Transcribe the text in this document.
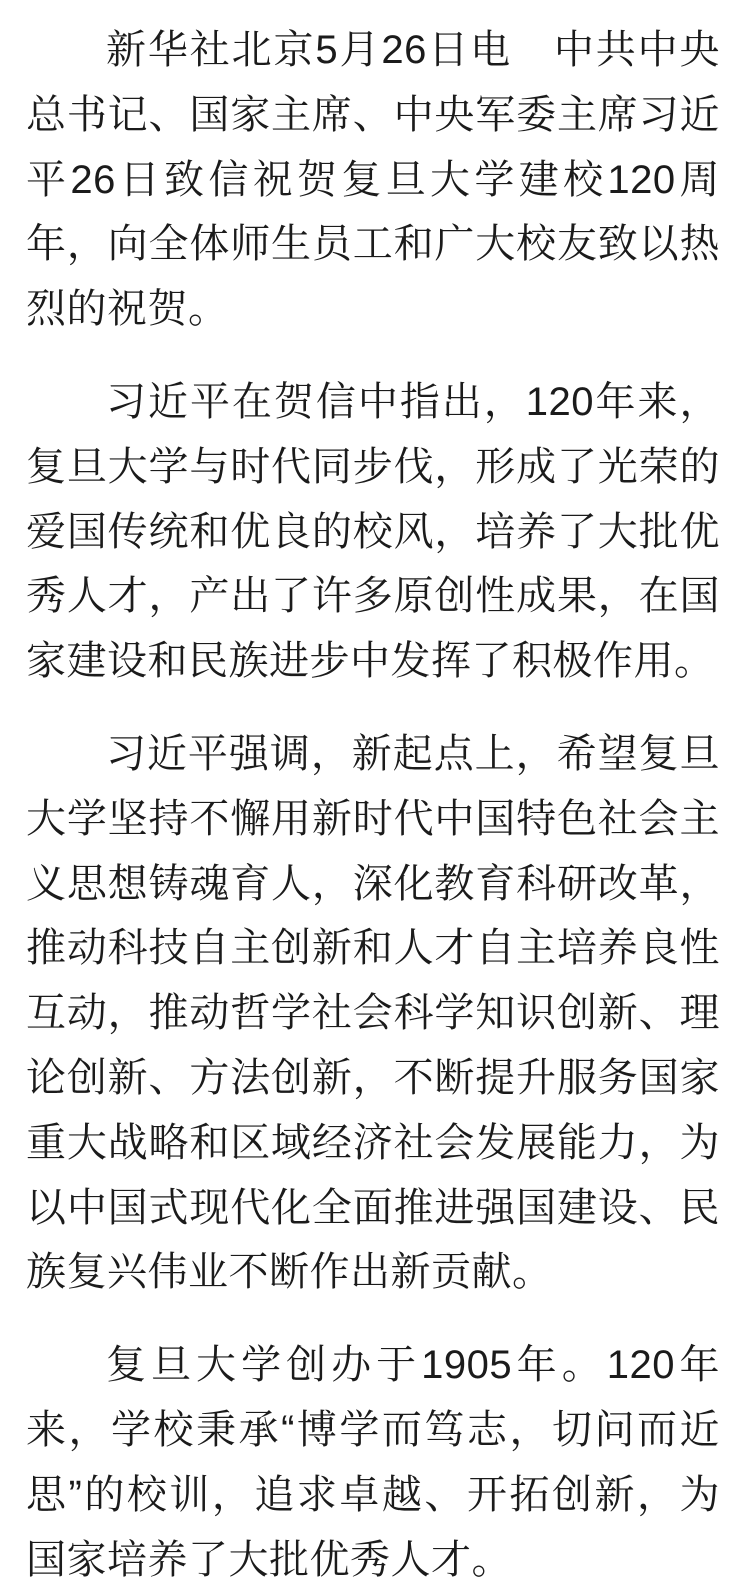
新华社北京5月26日电　中共中央总书记、国家主席、中央军委主席习近平26日致信祝贺复旦大学建校120周年，向全体师生员工和广大校友致以热烈的祝贺。

习近平在贺信中指出，120年来，复旦大学与时代同步伐，形成了光荣的爱国传统和优良的校风，培养了大批优秀人才，产出了许多原创性成果，在国家建设和民族进步中发挥了积极作用。

习近平强调，新起点上，希望复旦大学坚持不懈用新时代中国特色社会主义思想铸魂育人，深化教育科研改革，推动科技自主创新和人才自主培养良性互动，推动哲学社会科学知识创新、理论创新、方法创新，不断提升服务国家重大战略和区域经济社会发展能力，为以中国式现代化全面推进强国建设、民族复兴伟业不断作出新贡献。

复旦大学创办于1905年。120年来，学校秉承“博学而笃志，切问而近思”的校训，追求卓越、开拓创新，为国家培养了大批优秀人才。
